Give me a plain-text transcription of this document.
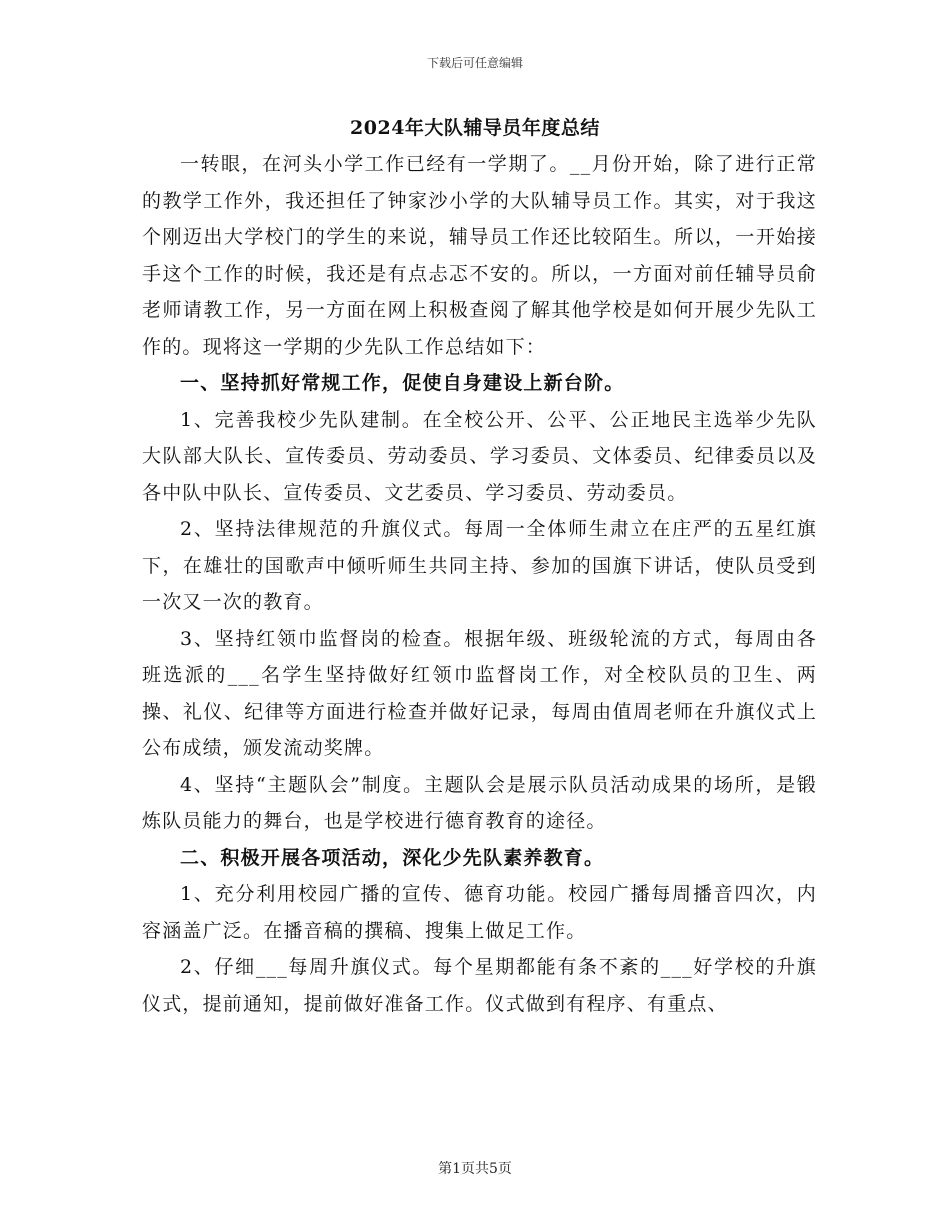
下载后可任意编辑
2024年大队辅导员年度总结

一转眼，在河头小学工作已经有一学期了。__月份开始，除了进行正常的教学工作外，我还担任了钟家沙小学的大队辅导员工作。其实，对于我这个刚迈出大学校门的学生的来说，辅导员工作还比较陌生。所以，一开始接手这个工作的时候，我还是有点忐忑不安的。所以，一方面对前任辅导员俞老师请教工作，另一方面在网上积极查阅了解其他学校是如何开展少先队工作的。现将这一学期的少先队工作总结如下：

一、坚持抓好常规工作，促使自身建设上新台阶。

1、完善我校少先队建制。在全校公开、公平、公正地民主选举少先队大队部大队长、宣传委员、劳动委员、学习委员、文体委员、纪律委员以及各中队中队长、宣传委员、文艺委员、学习委员、劳动委员。

2、坚持法律规范的升旗仪式。每周一全体师生肃立在庄严的五星红旗下，在雄壮的国歌声中倾听师生共同主持、参加的国旗下讲话，使队员受到一次又一次的教育。

3、坚持红领巾监督岗的检查。根据年级、班级轮流的方式，每周由各班选派的___名学生坚持做好红领巾监督岗工作，对全校队员的卫生、两操、礼仪、纪律等方面进行检查并做好记录，每周由值周老师在升旗仪式上公布成绩，颁发流动奖牌。

4、坚持“主题队会”制度。主题队会是展示队员活动成果的场所，是锻炼队员能力的舞台，也是学校进行德育教育的途径。

二、积极开展各项活动，深化少先队素养教育。

1、充分利用校园广播的宣传、德育功能。校园广播每周播音四次，内容涵盖广泛。在播音稿的撰稿、搜集上做足工作。

2、仔细___每周升旗仪式。每个星期都能有条不紊的___好学校的升旗仪式，提前通知，提前做好准备工作。仪式做到有程序、有重点、

第1页共5页
